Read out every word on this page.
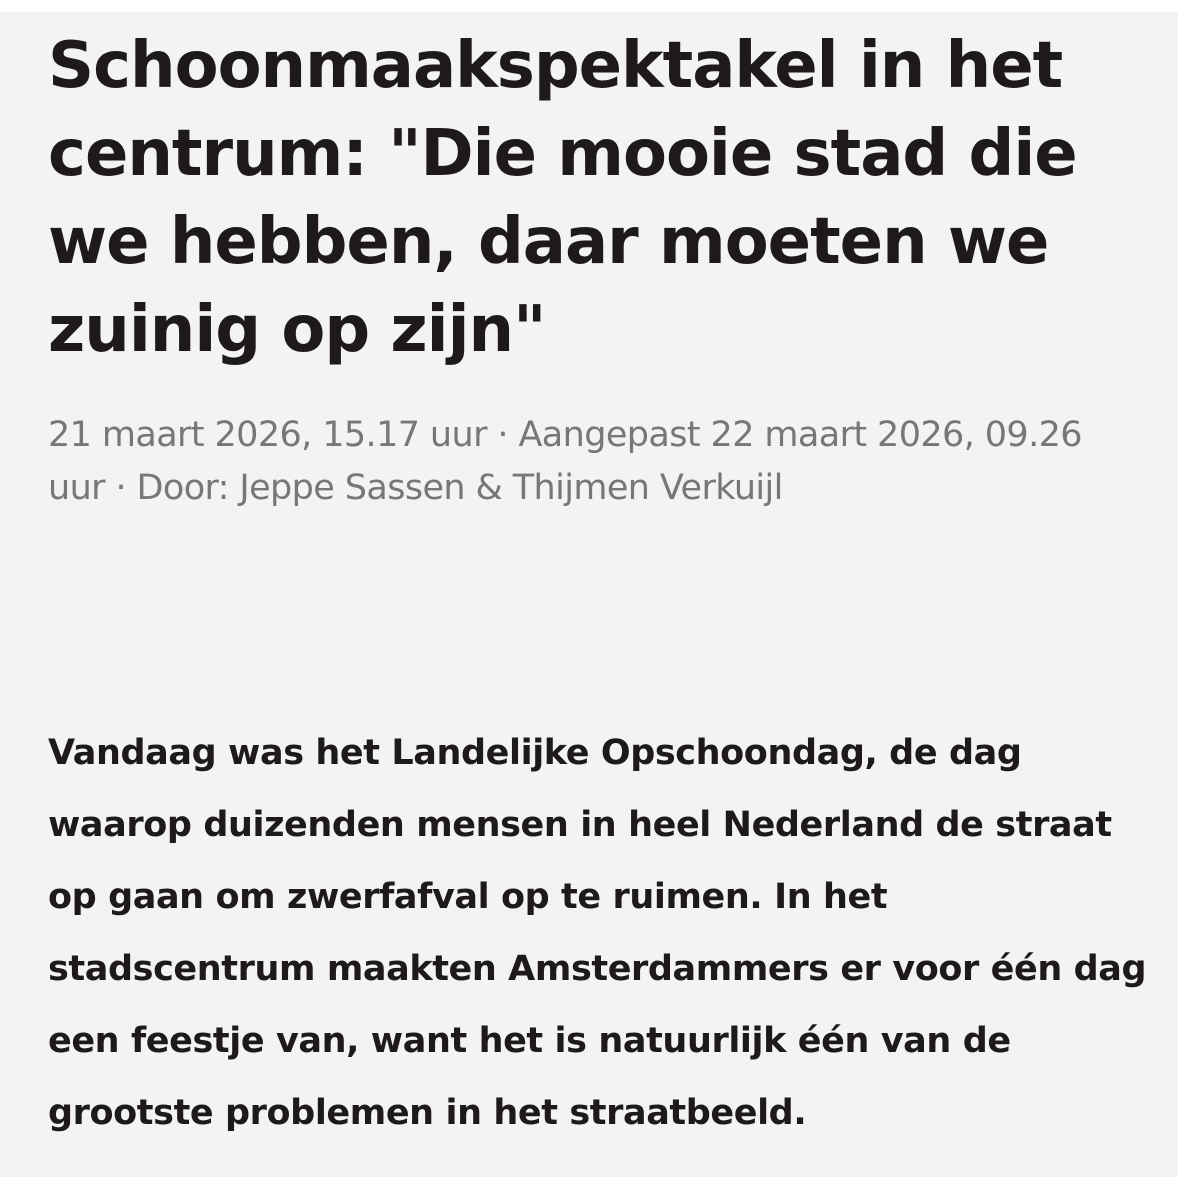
Schoonmaakspektakel in het centrum: "Die mooie stad die we hebben, daar moeten we zuinig op zijn"

21 maart 2026, 15.17 uur · Aangepast 22 maart 2026, 09.26 uur · Door: Jeppe Sassen & Thijmen Verkuijl

Vandaag was het Landelijke Opschoondag, de dag waarop duizenden mensen in heel Nederland de straat op gaan om zwerfafval op te ruimen. In het stadscentrum maakten Amsterdammers er voor één dag een feestje van, want het is natuurlijk één van de grootste problemen in het straatbeeld.
